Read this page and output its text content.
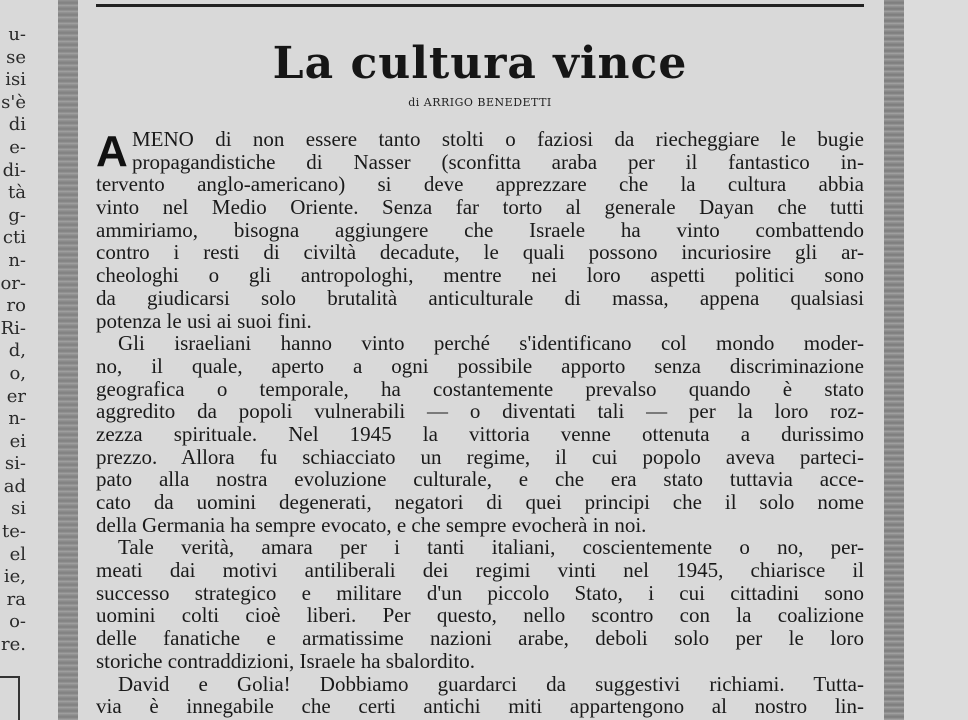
u-
se
isi
s'è
di
e-
di-
tà
g-
cti
n-
or-
ro
Ri-
d,
o,
er
n-
ei
si-
ad
si
te-
el
ie,
ra
o-
re.
La cultura vince
di ARRIGO BENEDETTI
A MENO di non essere tanto stolti o faziosi da riecheggiare le bugie
propagandistiche di Nasser (sconfitta araba per il fantastico in-
tervento anglo-americano) si deve apprezzare che la cultura abbia
vinto nel Medio Oriente. Senza far torto al generale Dayan che tutti
ammiriamo, bisogna aggiungere che Israele ha vinto combattendo
contro i resti di civiltà decadute, le quali possono incuriosire gli ar-
cheologhi o gli antropologhi, mentre nei loro aspetti politici sono
da giudicarsi solo brutalità anticulturale di massa, appena qualsiasi
potenza le usi ai suoi fini.
Gli israeliani hanno vinto perché s'identificano col mondo moder-
no, il quale, aperto a ogni possibile apporto senza discriminazione
geografica o temporale, ha costantemente prevalso quando è stato
aggredito da popoli vulnerabili — o diventati tali — per la loro roz-
zezza spirituale. Nel 1945 la vittoria venne ottenuta a durissimo
prezzo. Allora fu schiacciato un regime, il cui popolo aveva parteci-
pato alla nostra evoluzione culturale, e che era stato tuttavia acce-
cato da uomini degenerati, negatori di quei principi che il solo nome
della Germania ha sempre evocato, e che sempre evocherà in noi.
Tale verità, amara per i tanti italiani, coscientemente o no, per-
meati dai motivi antiliberali dei regimi vinti nel 1945, chiarisce il
successo strategico e militare d'un piccolo Stato, i cui cittadini sono
uomini colti cioè liberi. Per questo, nello scontro con la coalizione
delle fanatiche e armatissime nazioni arabe, deboli solo per le loro
storiche contraddizioni, Israele ha sbalordito.
David e Golia! Dobbiamo guardarci da suggestivi richiami. Tutta-
via è innegabile che certi antichi miti appartengono al nostro lin-
